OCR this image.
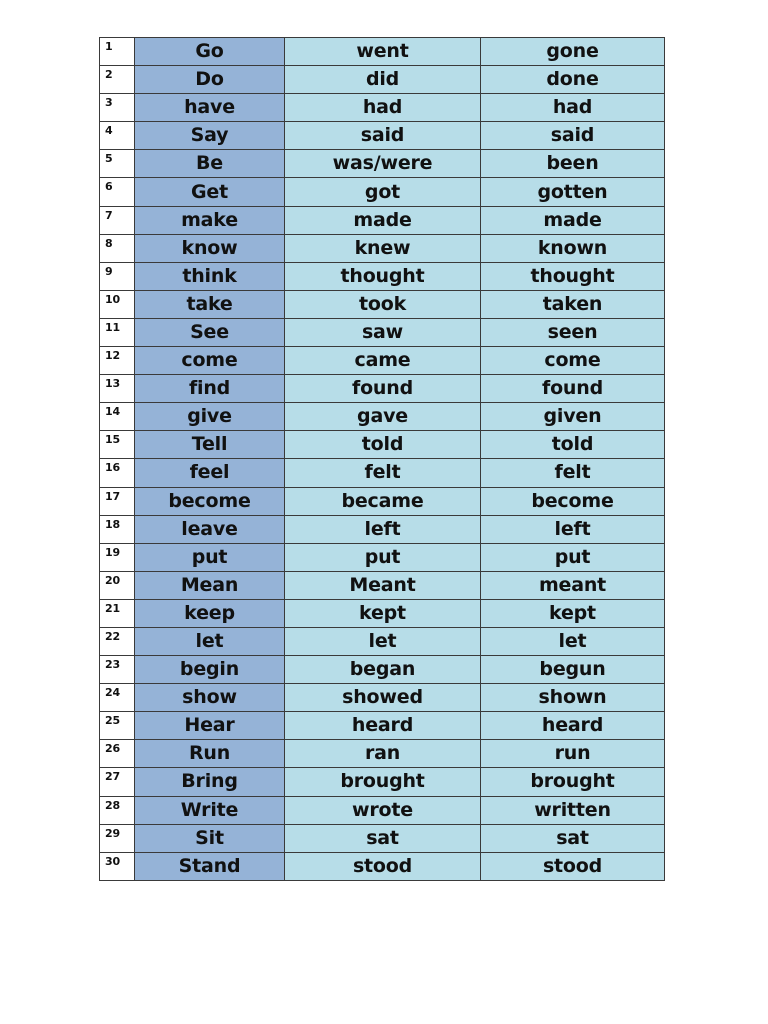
1	Go	went	gone
2	Do	did	done
3	have	had	had
4	Say	said	said
5	Be	was/were	been
6	Get	got	gotten
7	make	made	made
8	know	knew	known
9	think	thought	thought
10	take	took	taken
11	See	saw	seen
12	come	came	come
13	find	found	found
14	give	gave	given
15	Tell	told	told
16	feel	felt	felt
17	become	became	become
18	leave	left	left
19	put	put	put
20	Mean	Meant	meant
21	keep	kept	kept
22	let	let	let
23	begin	began	begun
24	show	showed	shown
25	Hear	heard	heard
26	Run	ran	run
27	Bring	brought	brought
28	Write	wrote	written
29	Sit	sat	sat
30	Stand	stood	stood
